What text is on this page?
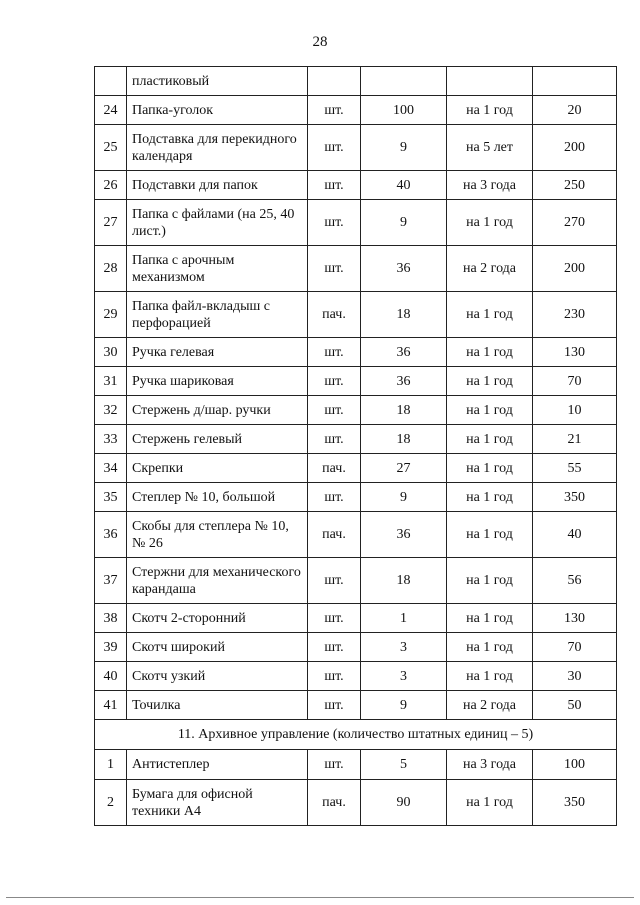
28
	пластиковый				
24	Папка-уголок	шт.	100	на 1 год	20
25	Подставка для перекидного календаря	шт.	9	на 5 лет	200
26	Подставки для папок	шт.	40	на 3 года	250
27	Папка с файлами (на 25, 40 лист.)	шт.	9	на 1 год	270
28	Папка с арочным механизмом	шт.	36	на 2 года	200
29	Папка файл-вкладыш с перфорацией	пач.	18	на 1 год	230
30	Ручка гелевая	шт.	36	на 1 год	130
31	Ручка шариковая	шт.	36	на 1 год	70
32	Стержень д/шар. ручки	шт.	18	на 1 год	10
33	Стержень гелевый	шт.	18	на 1 год	21
34	Скрепки	пач.	27	на 1 год	55
35	Степлер № 10, большой	шт.	9	на 1 год	350
36	Скобы для степлера № 10, № 26	пач.	36	на 1 год	40
37	Стержни для механического карандаша	шт.	18	на 1 год	56
38	Скотч 2-сторонний	шт.	1	на 1 год	130
39	Скотч широкий	шт.	3	на 1 год	70
40	Скотч узкий	шт.	3	на 1 год	30
41	Точилка	шт.	9	на 2 года	50
11. Архивное управление (количество штатных единиц – 5)					
1	Антистеплер	шт.	5	на 3 года	100
2	Бумага для офисной техники А4	пач.	90	на 1 год	350
